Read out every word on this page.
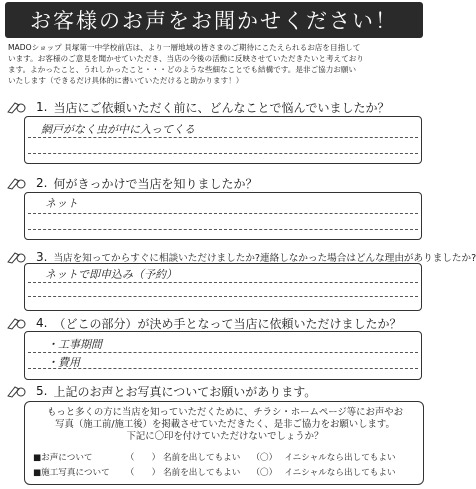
お客様のお声をお聞かせください！
MADOショップ 貝塚第一中学校前店は、より一層地域の皆さまのご期待にこたえられるお店を目指して
います。お客様のご意見を聞かせていただき、当店の今後の活動に反映させていただきたいと考えており
ます。よかったこと、うれしかったこと・・・どのような些細なことでも結構です。是非ご協力お願い
いたします（できるだけ具体的に書いていただけると助かります！）
1. 当店にご依頼いただく前に、どんなことで悩んでいましたか？
網戸がなく虫が中に入ってくる
2. 何がきっかけで当店を知りましたか？
ネット
3. 当店を知ってからすぐに相談いただけましたか?連絡しなかった場合はどんな理由がありましたか?
ネットで即申込み（予約）
4. （どこの部分）が決め手となって当店に依頼いただけましたか？
・工事期間
・費用
5. 上記のお声とお写真についてお願いがあります。
もっと多くの方に当店を知っていただくために、チラシ・ホームページ等にお声やお
写真（施工前/施工後）を掲載させていただきたく、是非ご協力をお願いします。
下記に〇印を付けていただけないでしょうか？
■お声について	（　　） 名前を出してもよい	（〇） イニシャルなら出してもよい
■施工写真について	（　　） 名前を出してもよい	（〇） イニシャルなら出してもよい
